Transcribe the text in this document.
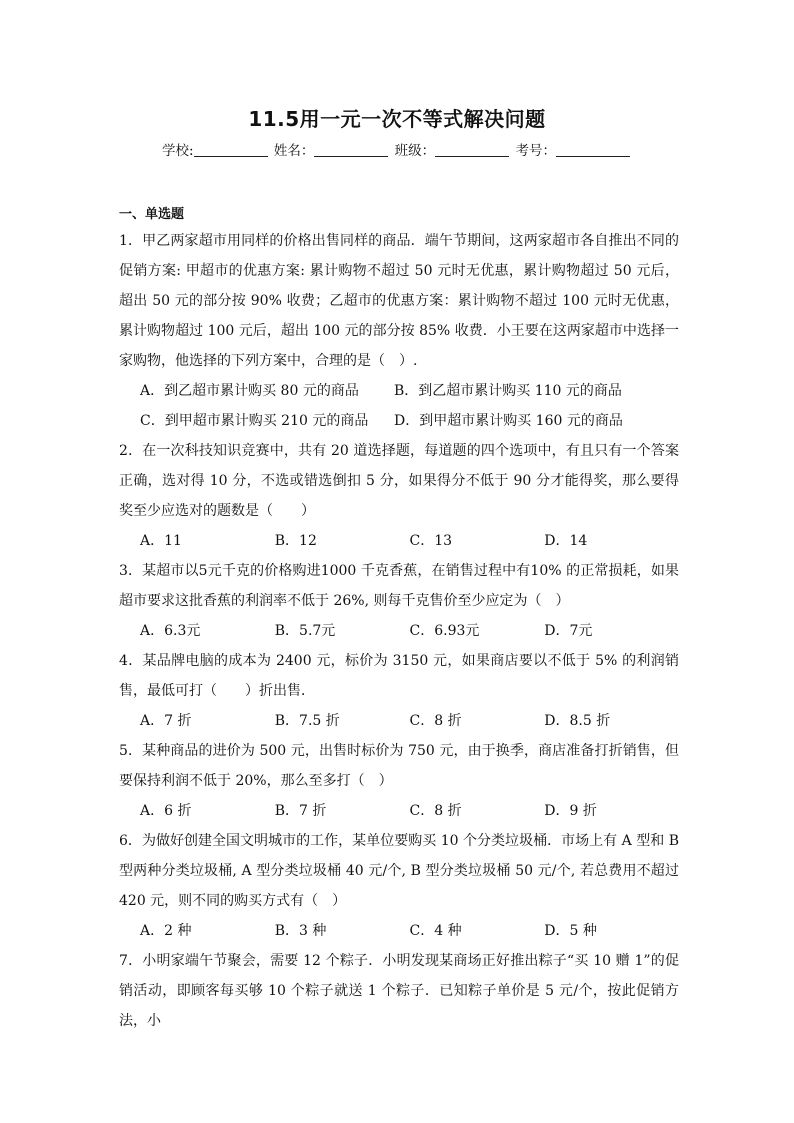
11.5用一元一次不等式解决问题
学校:	姓名：	班级：	考号：
一、单选题
1．甲乙两家超市用同样的价格出售同样的商品．端午节期间，这两家超市各自推出不同的促销方案: 甲超市的优惠方案: 累计购物不超过 50 元时无优惠，累计购物超过 50 元后，超出 50 元的部分按 90% 收费；乙超市的优惠方案：累计购物不超过 100 元时无优惠，累计购物超过 100 元后，超出 100 元的部分按 85% 收费．小王要在这两家超市中选择一家购物，他选择的下列方案中，合理的是（　）.
A．到乙超市累计购买 80 元的商品	B．到乙超市累计购买 110 元的商品
C．到甲超市累计购买 210 元的商品	D．到甲超市累计购买 160 元的商品
2．在一次科技知识竞赛中，共有 20 道选择题，每道题的四个选项中，有且只有一个答案正确，选对得 10 分，不选或错选倒扣 5 分，如果得分不低于 90 分才能得奖，那么要得奖至少应选对的题数是（　　）
A．11	B．12	C．13	D．14
3．某超市以5元千克的价格购进1000 千克香蕉，在销售过程中有10% 的正常损耗，如果超市要求这批香蕉的利润率不低于 26%, 则每千克售价至少应定为（　）
A．6.3元	B．5.7元	C．6.93元	D．7元
4．某品牌电脑的成本为 2400 元，标价为 3150 元，如果商店要以不低于 5% 的利润销售，最低可打（　　）折出售．
A．7 折	B．7.5 折	C．8 折	D．8.5 折
5．某种商品的进价为 500 元，出售时标价为 750 元，由于换季，商店准备打折销售，但要保持利润不低于 20%，那么至多打（　）
A．6 折	B．7 折	C．8 折	D．9 折
6．为做好创建全国文明城市的工作，某单位要购买 10 个分类垃圾桶．市场上有 A 型和 B 型两种分类垃圾桶, A 型分类垃圾桶 40 元/个, B 型分类垃圾桶 50 元/个, 若总费用不超过 420 元，则不同的购买方式有（　）
A．2 种	B．3 种	C．4 种	D．5 种
7．小明家端午节聚会，需要 12 个粽子．小明发现某商场正好推出粽子“买 10 赠 1”的促销活动，即顾客每买够 10 个粽子就送 1 个粽子．已知粽子单价是 5 元/个，按此促销方法，小
